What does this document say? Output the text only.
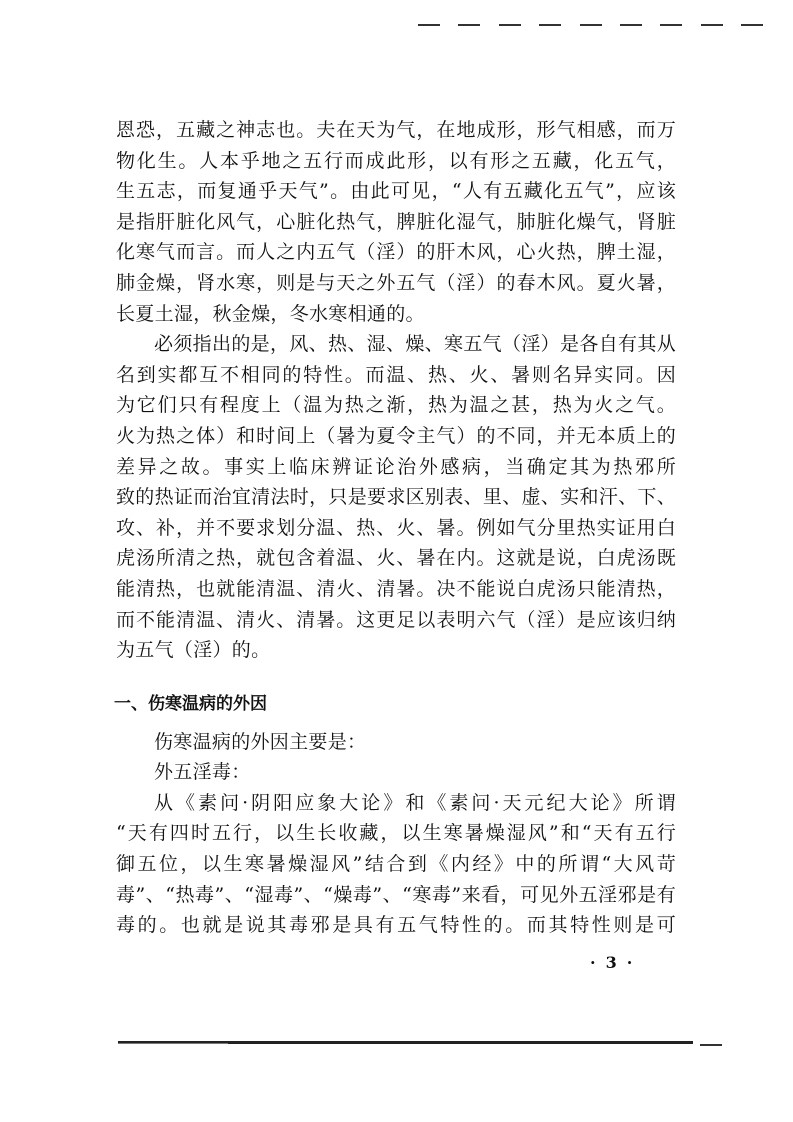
恩恐，五藏之神志也。夫在天为气，在地成形，形气相感，而万
物化生。人本乎地之五行而成此形，以有形之五藏，化五气，
生五志，而复通乎天气”。由此可见，“人有五藏化五气”，应该
是指肝脏化风气，心脏化热气，脾脏化湿气，肺脏化燥气，肾脏
化寒气而言。而人之内五气（淫）的肝木风，心火热，脾土湿，
肺金燥，肾水寒，则是与天之外五气（淫）的春木风。夏火暑，
长夏土湿，秋金燥，冬水寒相通的。
必须指出的是，风、热、湿、燥、寒五气（淫）是各自有其从
名到实都互不相同的特性。而温、热、火、暑则名异实同。因
为它们只有程度上（温为热之渐，热为温之甚，热为火之气。
火为热之体）和时间上（暑为夏令主气）的不同，并无本质上的
差异之故。事实上临床辨证论治外感病，当确定其为热邪所
致的热证而治宜清法时，只是要求区别表、里、虚、实和汗、下、
攻、补，并不要求划分温、热、火、暑。例如气分里热实证用白
虎汤所清之热，就包含着温、火、暑在内。这就是说，白虎汤既
能清热，也就能清温、清火、清暑。决不能说白虎汤只能清热，
而不能清温、清火、清暑。这更足以表明六气（淫）是应该归纳
为五气（淫）的。
一、伤寒温病的外因
伤寒温病的外因主要是：
外五淫毒：
从《素问·阴阳应象大论》和《素问·天元纪大论》所谓
“天有四时五行，以生长收藏，以生寒暑燥湿风”和“天有五行
御五位，以生寒暑燥湿风”结合到《内经》中的所谓“大风苛
毒”、“热毒”、“湿毒”、“燥毒”、“寒毒”来看，可见外五淫邪是有
毒的。也就是说其毒邪是具有五气特性的。而其特性则是可
·3·
